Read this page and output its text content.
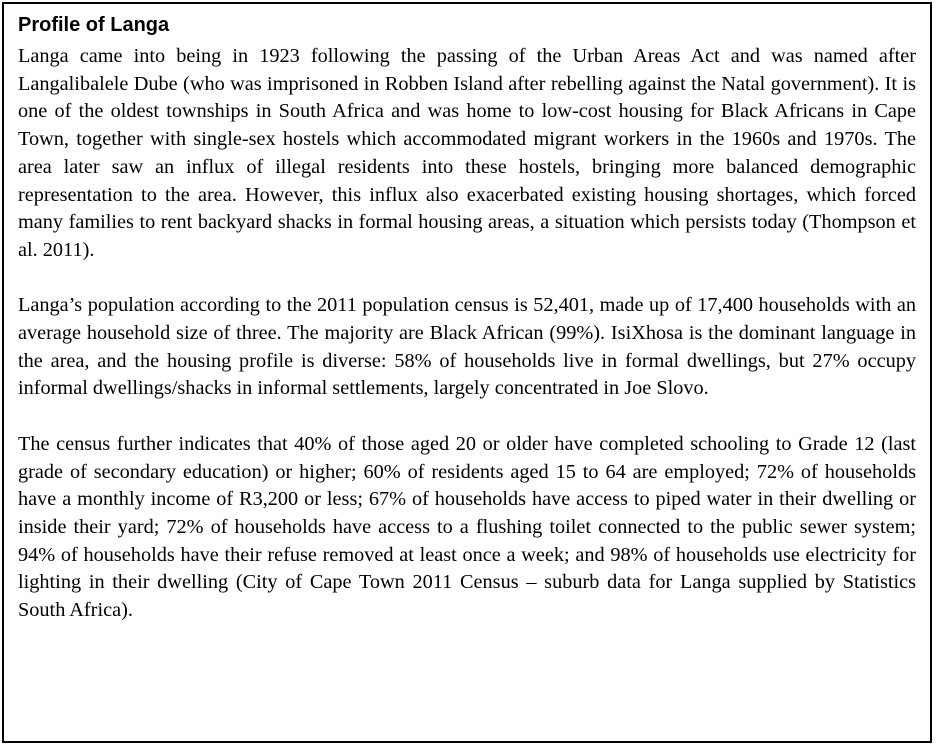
Profile of Langa

Langa came into being in 1923 following the passing of the Urban Areas Act and was named after Langalibalele Dube (who was imprisoned in Robben Island after rebelling against the Natal government). It is one of the oldest townships in South Africa and was home to low-cost housing for Black Africans in Cape Town, together with single-sex hostels which accommodated migrant workers in the 1960s and 1970s. The area later saw an influx of illegal residents into these hostels, bringing more balanced demographic representation to the area. However, this influx also exacerbated existing housing shortages, which forced many families to rent backyard shacks in formal housing areas, a situation which persists today (Thompson et al. 2011).

Langa’s population according to the 2011 population census is 52,401, made up of 17,400 households with an average household size of three. The majority are Black African (99%). IsiXhosa is the dominant language in the area, and the housing profile is diverse: 58% of households live in formal dwellings, but 27% occupy informal dwellings/shacks in informal settlements, largely concentrated in Joe Slovo.

The census further indicates that 40% of those aged 20 or older have completed schooling to Grade 12 (last grade of secondary education) or higher; 60% of residents aged 15 to 64 are employed; 72% of households have a monthly income of R3,200 or less; 67% of households have access to piped water in their dwelling or inside their yard; 72% of households have access to a flushing toilet connected to the public sewer system; 94% of households have their refuse removed at least once a week; and 98% of households use electricity for lighting in their dwelling (City of Cape Town 2011 Census – suburb data for Langa supplied by Statistics South Africa).
